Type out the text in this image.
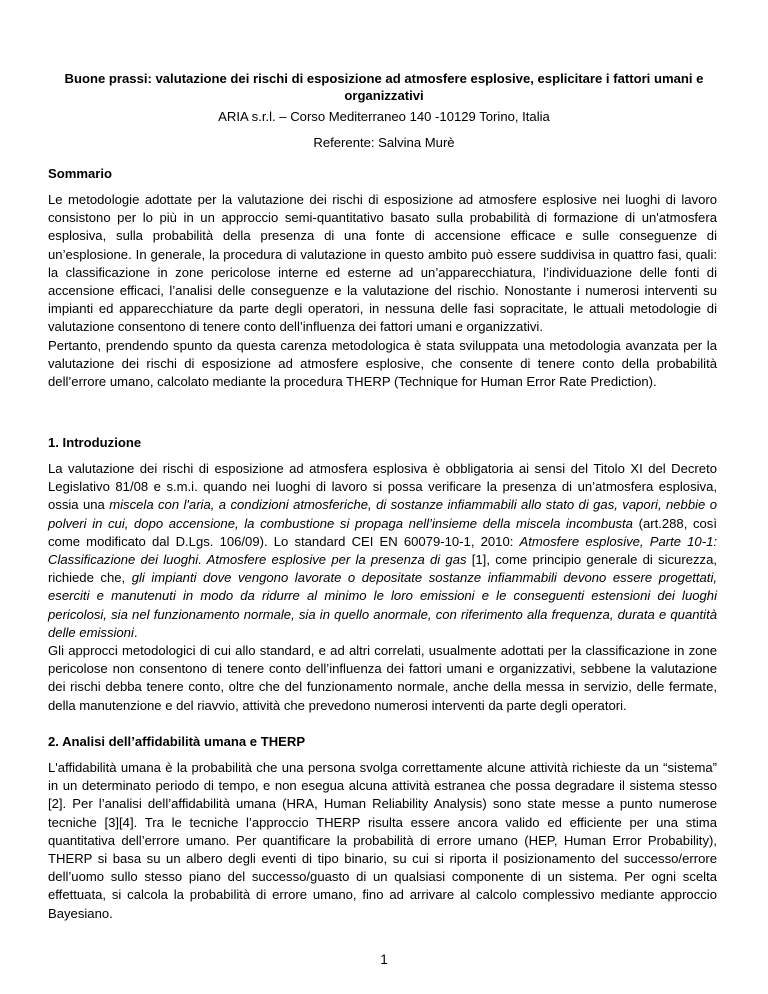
Buone prassi: valutazione dei rischi di esposizione ad atmosfere esplosive, esplicitare i fattori umani e organizzativi
ARIA s.r.l. – Corso Mediterraneo 140 -10129 Torino, Italia
Referente: Salvina Murè
Sommario

Le metodologie adottate per la valutazione dei rischi di esposizione ad atmosfere esplosive nei luoghi di lavoro consistono per lo più in un approccio semi-quantitativo basato sulla probabilità di formazione di un'atmosfera esplosiva, sulla probabilità della presenza di una fonte di accensione efficace e sulle conseguenze di un’esplosione. In generale, la procedura di valutazione in questo ambito può essere suddivisa in quattro fasi, quali: la classificazione in zone pericolose interne ed esterne ad un’apparecchiatura, l’individuazione delle fonti di accensione efficaci, l’analisi delle conseguenze e la valutazione del rischio. Nonostante i numerosi interventi su impianti ed apparecchiature da parte degli operatori, in nessuna delle fasi sopracitate, le attuali metodologie di valutazione consentono di tenere conto dell’influenza dei fattori umani e organizzativi.

Pertanto, prendendo spunto da questa carenza metodologica è stata sviluppata una metodologia avanzata per la valutazione dei rischi di esposizione ad atmosfere esplosive, che consente di tenere conto della probabilità dell’errore umano, calcolato mediante la procedura THERP (Technique for Human Error Rate Prediction).

1. Introduzione

La valutazione dei rischi di esposizione ad atmosfera esplosiva è obbligatoria ai sensi del Titolo XI del Decreto Legislativo 81/08 e s.m.i. quando nei luoghi di lavoro si possa verificare la presenza di un’atmosfera esplosiva, ossia una miscela con l'aria, a condizioni atmosferiche, di sostanze infiammabili allo stato di gas, vapori, nebbie o polveri in cui, dopo accensione, la combustione si propaga nell’insieme della miscela incombusta (art.288, così come modificato dal D.Lgs. 106/09). Lo standard CEI EN 60079-10-1, 2010: Atmosfere esplosive, Parte 10-1: Classificazione dei luoghi. Atmosfere esplosive per la presenza di gas [1], come principio generale di sicurezza, richiede che, gli impianti dove vengono lavorate o depositate sostanze infiammabili devono essere progettati, eserciti e manutenuti in modo da ridurre al minimo le loro emissioni e le conseguenti estensioni dei luoghi pericolosi, sia nel funzionamento normale, sia in quello anormale, con riferimento alla frequenza, durata e quantità delle emissioni.

Gli approcci metodologici di cui allo standard, e ad altri correlati, usualmente adottati per la classificazione in zone pericolose non consentono di tenere conto dell’influenza dei fattori umani e organizzativi, sebbene la valutazione dei rischi debba tenere conto, oltre che del funzionamento normale, anche della messa in servizio, delle fermate, della manutenzione e del riavvio, attività che prevedono numerosi interventi da parte degli operatori.

2. Analisi dell’affidabilità umana e THERP

L'affidabilità umana è la probabilità che una persona svolga correttamente alcune attività richieste da un “sistema” in un determinato periodo di tempo, e non esegua alcuna attività estranea che possa degradare il sistema stesso [2]. Per l’analisi dell’affidabilità umana (HRA, Human Reliability Analysis) sono state messe a punto numerose tecniche [3][4]. Tra le tecniche l’approccio THERP risulta essere ancora valido ed efficiente per una stima quantitativa dell’errore umano. Per quantificare la probabilità di errore umano (HEP, Human Error Probability), THERP si basa su un albero degli eventi di tipo binario, su cui si riporta il posizionamento del successo/errore dell’uomo sullo stesso piano del successo/guasto di un qualsiasi componente di un sistema. Per ogni scelta effettuata, si calcola la probabilità di errore umano, fino ad arrivare al calcolo complessivo mediante approccio Bayesiano.

1
